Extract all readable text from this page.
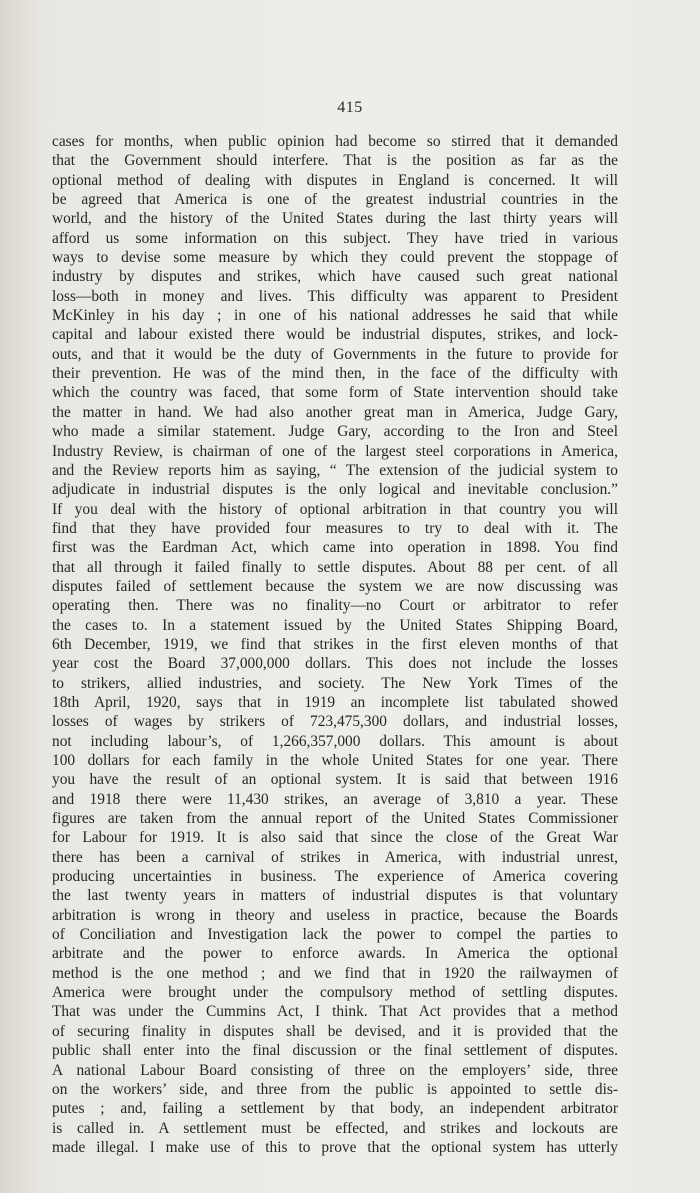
415
cases for months, when public opinion had become so stirred that it demanded
that the Government should interfere. That is the position as far as the
optional method of dealing with disputes in England is concerned. It will
be agreed that America is one of the greatest industrial countries in the
world, and the history of the United States during the last thirty years will
afford us some information on this subject. They have tried in various
ways to devise some measure by which they could prevent the stoppage of
industry by disputes and strikes, which have caused such great national
loss—both in money and lives. This difficulty was apparent to President
McKinley in his day ; in one of his national addresses he said that while
capital and labour existed there would be industrial disputes, strikes, and lock-
outs, and that it would be the duty of Governments in the future to provide for
their prevention. He was of the mind then, in the face of the difficulty with
which the country was faced, that some form of State intervention should take
the matter in hand. We had also another great man in America, Judge Gary,
who made a similar statement. Judge Gary, according to the Iron and Steel
Industry Review, is chairman of one of the largest steel corporations in America,
and the Review reports him as saying, “ The extension of the judicial system to
adjudicate in industrial disputes is the only logical and inevitable conclusion.”
If you deal with the history of optional arbitration in that country you will
find that they have provided four measures to try to deal with it. The
first was the Eardman Act, which came into operation in 1898. You find
that all through it failed finally to settle disputes. About 88 per cent. of all
disputes failed of settlement because the system we are now discussing was
operating then. There was no finality—no Court or arbitrator to refer
the cases to. In a statement issued by the United States Shipping Board,
6th December, 1919, we find that strikes in the first eleven months of that
year cost the Board 37,000,000 dollars. This does not include the losses
to strikers, allied industries, and society. The New York Times of the
18th April, 1920, says that in 1919 an incomplete list tabulated showed
losses of wages by strikers of 723,475,300 dollars, and industrial losses,
not including labour’s, of 1,266,357,000 dollars. This amount is about
100 dollars for each family in the whole United States for one year. There
you have the result of an optional system. It is said that between 1916
and 1918 there were 11,430 strikes, an average of 3,810 a year. These
figures are taken from the annual report of the United States Commissioner
for Labour for 1919. It is also said that since the close of the Great War
there has been a carnival of strikes in America, with industrial unrest,
producing uncertainties in business. The experience of America covering
the last twenty years in matters of industrial disputes is that voluntary
arbitration is wrong in theory and useless in practice, because the Boards
of Conciliation and Investigation lack the power to compel the parties to
arbitrate and the power to enforce awards. In America the optional
method is the one method ; and we find that in 1920 the railwaymen of
America were brought under the compulsory method of settling disputes.
That was under the Cummins Act, I think. That Act provides that a method
of securing finality in disputes shall be devised, and it is provided that the
public shall enter into the final discussion or the final settlement of disputes.
A national Labour Board consisting of three on the employers’ side, three
on the workers’ side, and three from the public is appointed to settle dis-
putes ; and, failing a settlement by that body, an independent arbitrator
is called in. A settlement must be effected, and strikes and lockouts are
made illegal. I make use of this to prove that the optional system has utterly
